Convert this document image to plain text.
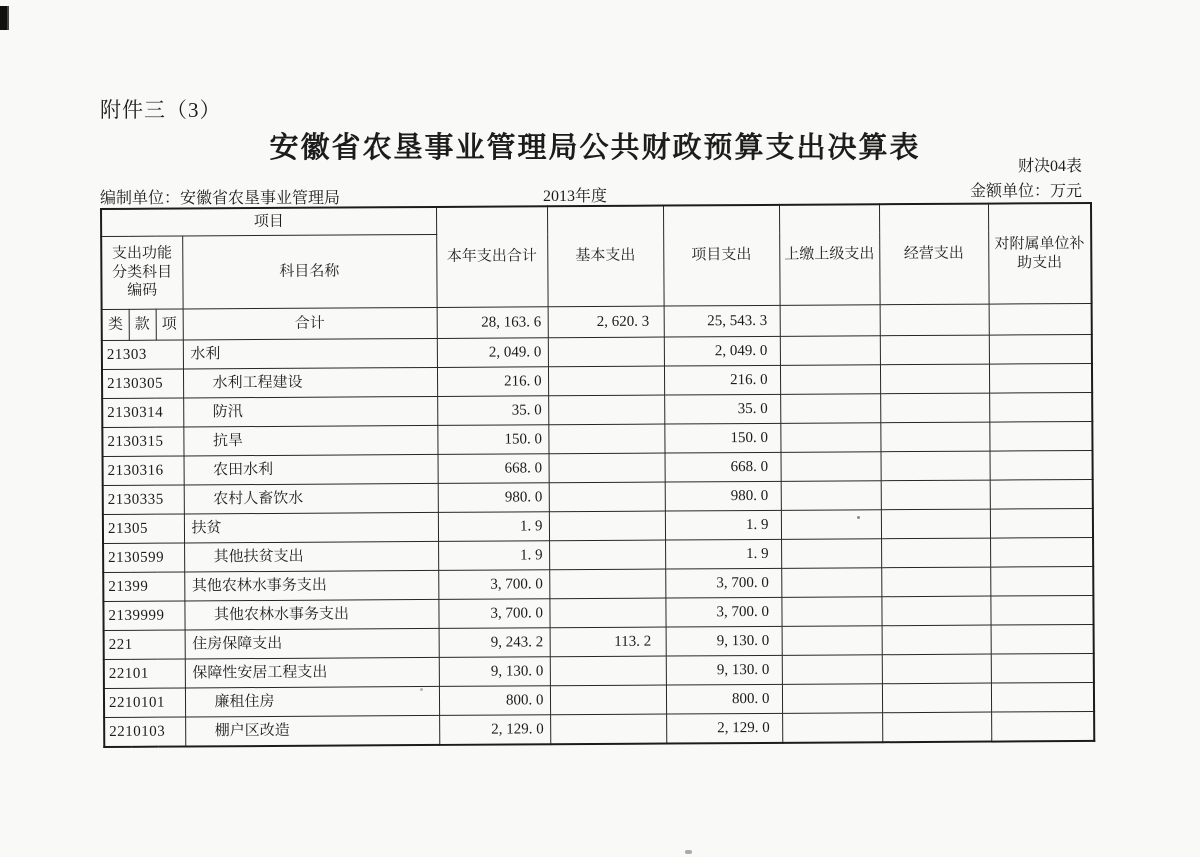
附件三（3）
安徽省农垦事业管理局公共财政预算支出决算表
财决04表
金额单位：万元
编制单位：安徽省农垦事业管理局	2013年度
项目				本年支出合计	基本支出	项目支出	上缴上级支出	经营支出	对附属单位补助支出
支出功能分类科目编码			科目名称						
类	款	项	合计	28, 163. 6	2, 620. 3	25, 543. 3			
21303			水利	2, 049. 0		2, 049. 0			
2130305			水利工程建设	216. 0		216. 0			
2130314			防汛	35. 0		35. 0			
2130315			抗旱	150. 0		150. 0			
2130316			农田水利	668. 0		668. 0			
2130335			农村人畜饮水	980. 0		980. 0			
21305			扶贫	1. 9		1. 9			
2130599			其他扶贫支出	1. 9		1. 9			
21399			其他农林水事务支出	3, 700. 0		3, 700. 0			
2139999			其他农林水事务支出	3, 700. 0		3, 700. 0			
221			住房保障支出	9, 243. 2	113. 2	9, 130. 0			
22101			保障性安居工程支出	9, 130. 0		9, 130. 0			
2210101			廉租住房	800. 0		800. 0			
2210103			棚户区改造	2, 129. 0		2, 129. 0			
